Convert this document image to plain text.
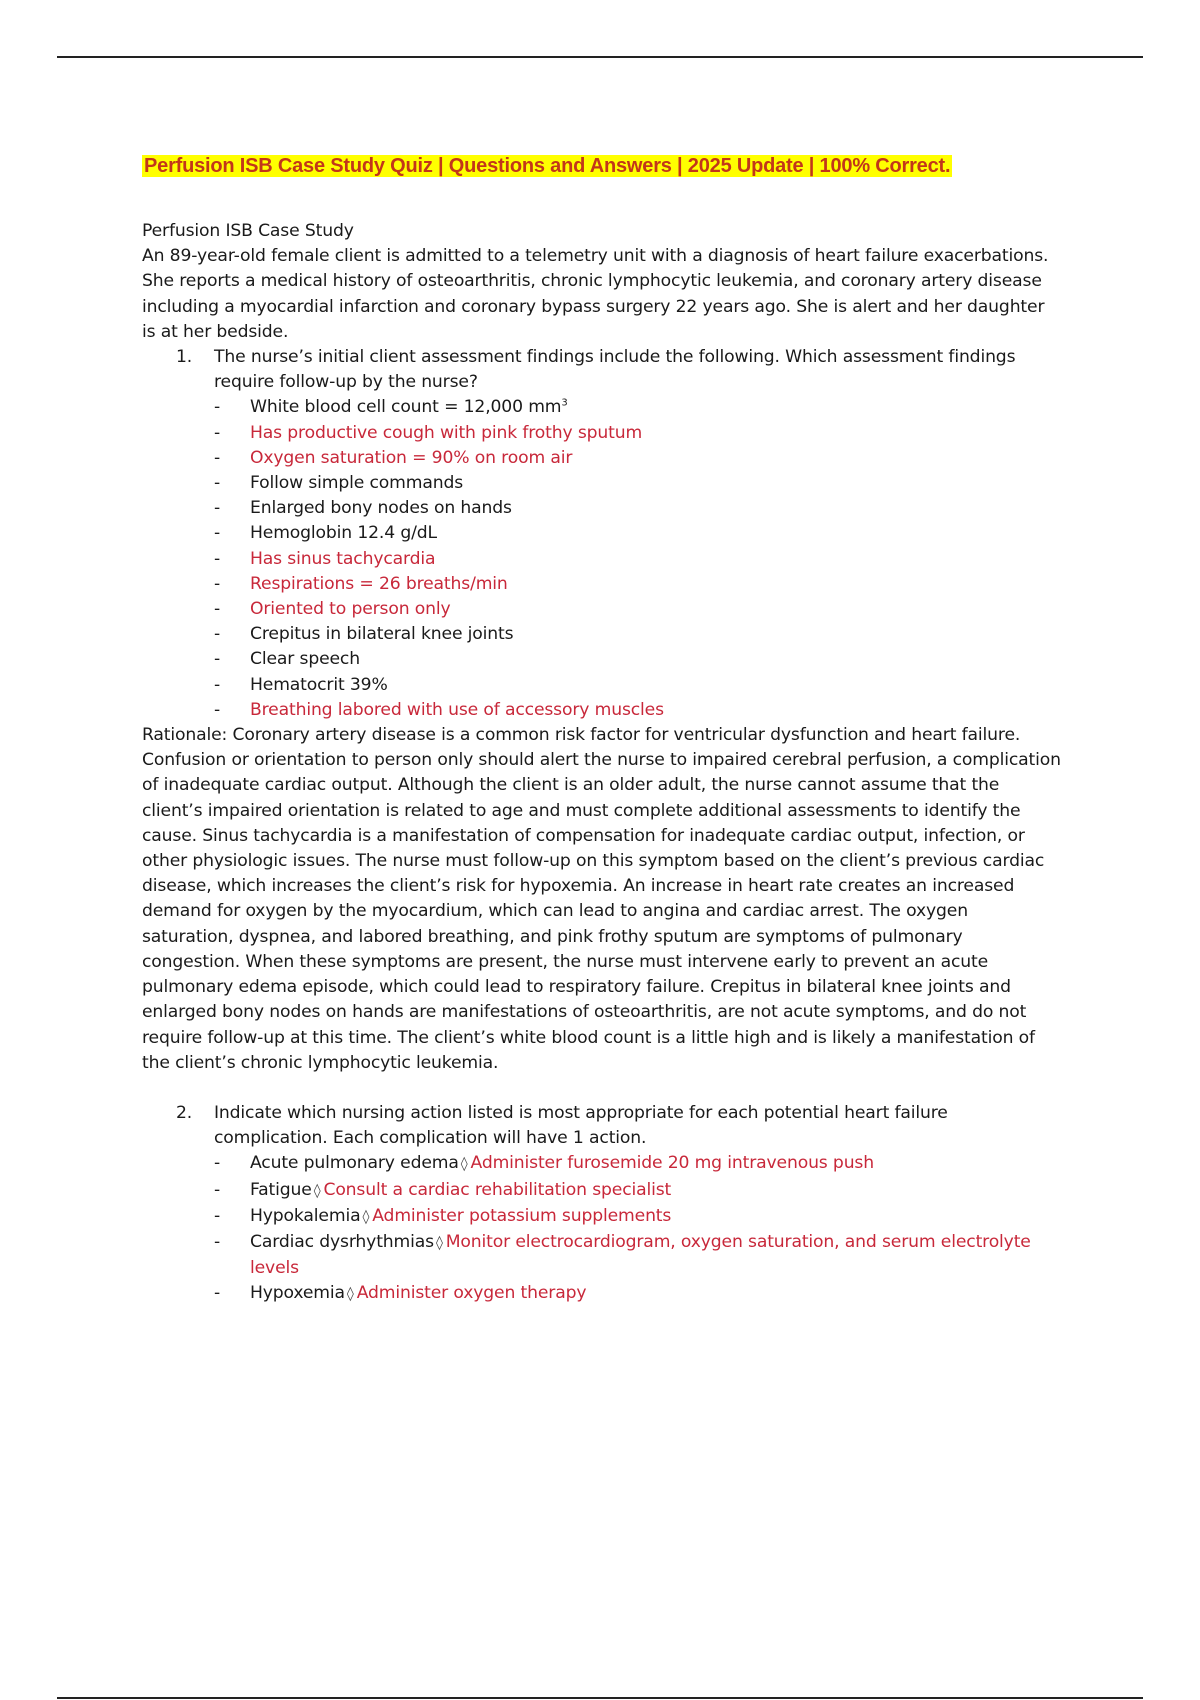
Perfusion ISB Case Study Quiz | Questions and Answers | 2025 Update | 100% Correct.
Perfusion ISB Case Study
An 89-year-old female client is admitted to a telemetry unit with a diagnosis of heart failure exacerbations. She reports a medical history of osteoarthritis, chronic lymphocytic leukemia, and coronary artery disease including a myocardial infarction and coronary bypass surgery 22 years ago. She is alert and her daughter is at her bedside.
1. The nurse’s initial client assessment findings include the following. Which assessment findings require follow-up by the nurse?
- White blood cell count = 12,000 $mm^3$
- Has productive cough with pink frothy sputum
- Oxygen saturation = 90% on room air
- Follow simple commands
- Enlarged bony nodes on hands
- Hemoglobin 12.4 g/dL
- Has sinus tachycardia
- Respirations = 26 breaths/min
- Oriented to person only
- Crepitus in bilateral knee joints
- Clear speech
- Hematocrit 39%
- Breathing labored with use of accessory muscles
Rationale: Coronary artery disease is a common risk factor for ventricular dysfunction and heart failure. Confusion or orientation to person only should alert the nurse to impaired cerebral perfusion, a complication of inadequate cardiac output. Although the client is an older adult, the nurse cannot assume that the client’s impaired orientation is related to age and must complete additional assessments to identify the cause. Sinus tachycardia is a manifestation of compensation for inadequate cardiac output, infection, or other physiologic issues. The nurse must follow-up on this symptom based on the client’s previous cardiac disease, which increases the client’s risk for hypoxemia. An increase in heart rate creates an increased demand for oxygen by the myocardium, which can lead to angina and cardiac arrest. The oxygen saturation, dyspnea, and labored breathing, and pink frothy sputum are symptoms of pulmonary congestion. When these symptoms are present, the nurse must intervene early to prevent an acute pulmonary edema episode, which could lead to respiratory failure. Crepitus in bilateral knee joints and enlarged bony nodes on hands are manifestations of osteoarthritis, are not acute symptoms, and do not require follow-up at this time. The client’s white blood count is a little high and is likely a manifestation of the client’s chronic lymphocytic leukemia.
2. Indicate which nursing action listed is most appropriate for each potential heart failure complication. Each complication will have 1 action.
- Acute pulmonary edema ◊ Administer furosemide 20 mg intravenous push
- Fatigue ◊ Consult a cardiac rehabilitation specialist
- Hypokalemia ◊ Administer potassium supplements
- Cardiac dysrhythmias ◊ Monitor electrocardiogram, oxygen saturation, and serum electrolyte levels
- Hypoxemia ◊ Administer oxygen therapy
